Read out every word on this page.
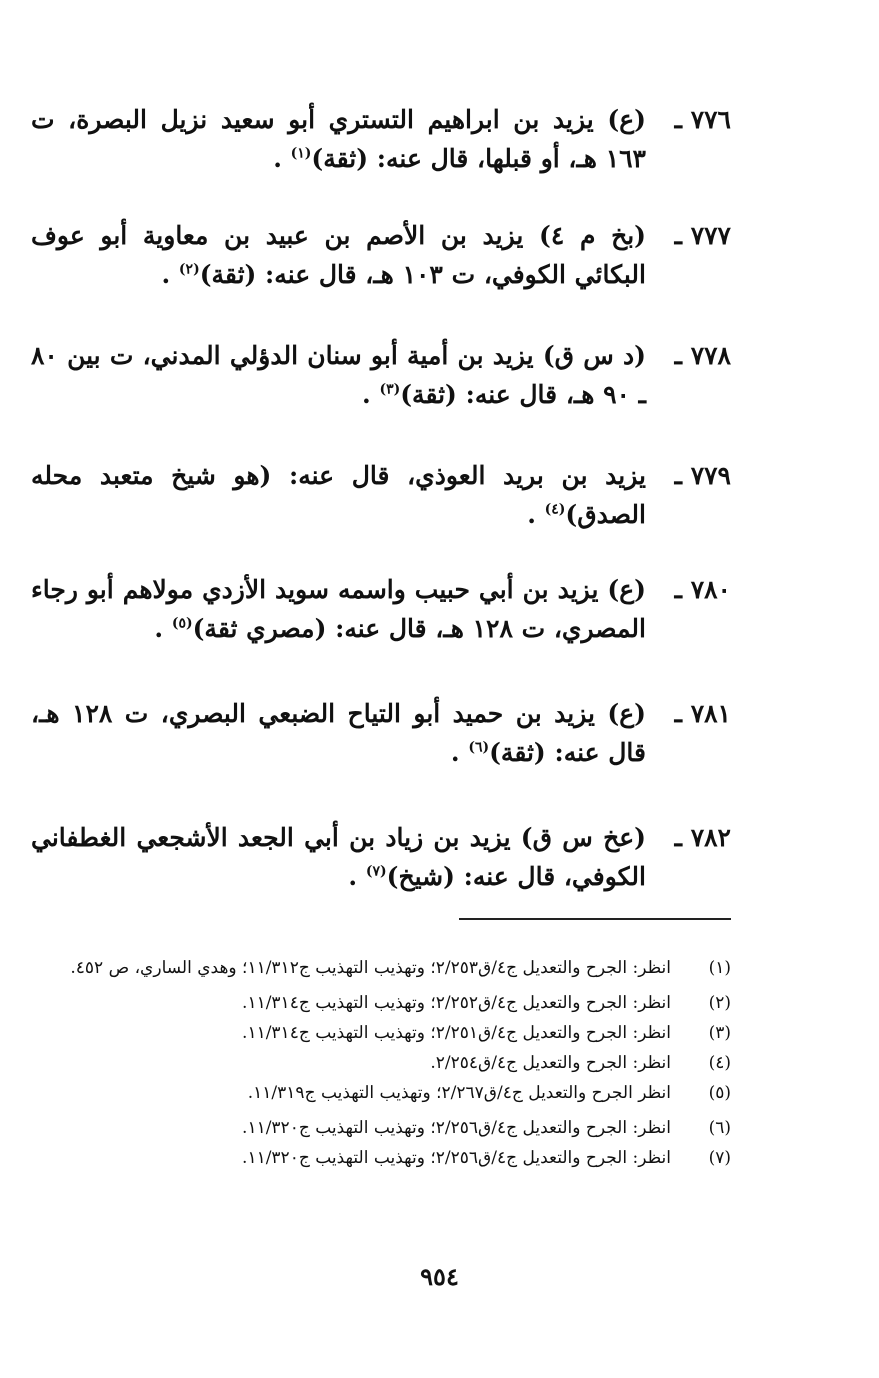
٧٧٦ ـ
(ع) يزيد بن ابراهيم التستري أبو سعيد نزيل البصرة، ت ١٦٣ هـ، أو قبلها، قال عنه: (ثقة)$^{(١)}$ .

٧٧٧ ـ
(بخ م ٤) يزيد بن الأصم بن عبيد بن معاوية أبو عوف البكائي الكوفي، ت ١٠٣ هـ، قال عنه: (ثقة)$^{(٢)}$ .

٧٧٨ ـ
(د س ق) يزيد بن أمية أبو سنان الدؤلي المدني، ت بين ٨٠ ـ ٩٠ هـ، قال عنه: (ثقة)$^{(٣)}$ .

٧٧٩ ـ
يزيد بن بريد العوذي، قال عنه: (هو شيخ متعبد محله الصدق)$^{(٤)}$ .

٧٨٠ ـ
(ع) يزيد بن أبي حبيب واسمه سويد الأزدي مولاهم أبو رجاء المصري، ت ١٢٨ هـ، قال عنه: (مصري ثقة)$^{(٥)}$ .

٧٨١ ـ
(ع) يزيد بن حميد أبو التياح الضبعي البصري، ت ١٢٨ هـ، قال عنه: (ثقة)$^{(٦)}$ .

٧٨٢ ـ
(عخ س ق) يزيد بن زياد بن أبي الجعد الأشجعي الغطفاني الكوفي، قال عنه: (شيخ)$^{(٧)}$ .

(١)
انظر: الجرح والتعديل ج٤/ق٢/٢٥٣؛ وتهذيب التهذيب ج١١/٣١٢؛ وهدي الساري، ص ٤٥٢.

(٢)
انظر: الجرح والتعديل ج٤/ق٢/٢٥٢؛ وتهذيب التهذيب ج١١/٣١٤.

(٣)
انظر: الجرح والتعديل ج٤/ق٢/٢٥١؛ وتهذيب التهذيب ج١١/٣١٤.

(٤)
انظر: الجرح والتعديل ج٤/ق٢/٢٥٤.

(٥)
انظر الجرح والتعديل ج٤/ق٢/٢٦٧؛ وتهذيب التهذيب ج١١/٣١٩.

(٦)
انظر: الجرح والتعديل ج٤/ق٢/٢٥٦؛ وتهذيب التهذيب ج١١/٣٢٠.

(٧)
انظر: الجرح والتعديل ج٤/ق٢/٢٥٦؛ وتهذيب التهذيب ج١١/٣٢٠.

٩٥٤
